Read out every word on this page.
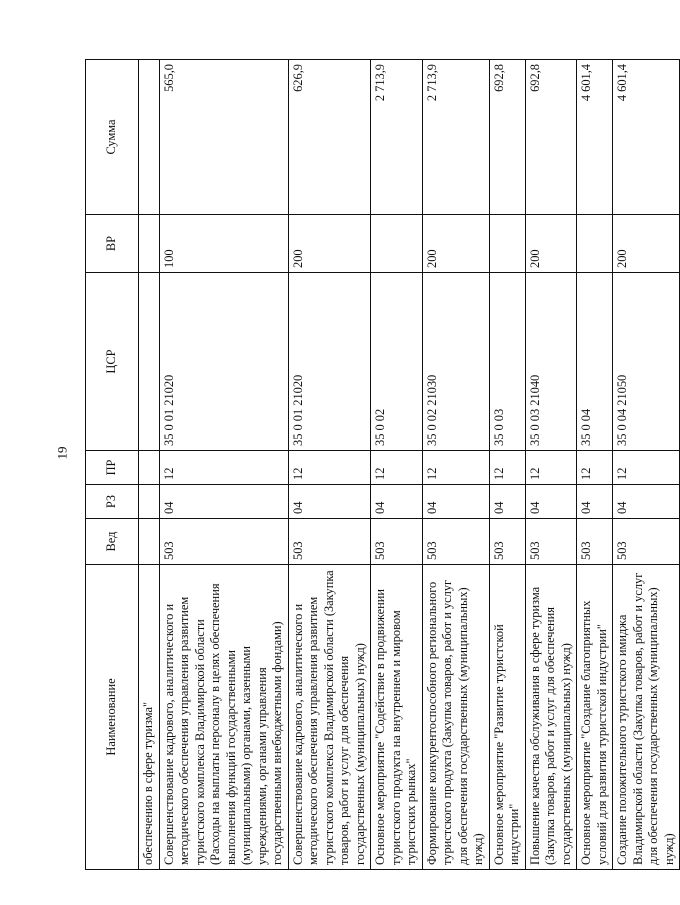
19
Наименование	Вед	РЗ	ПР	ЦСР	ВР	Сумма
обеспечению в сфере туризма"						
Совершенствование кадрового, аналитического и методического обеспечения управления развитием туристского комплекса Владимирской области (Расходы на выплаты персоналу в целях обеспечения выполнения функций государственными (муниципальными) органами, казенными учреждениями, органами управления государственными внебюджетными фондами)	503	04	12	35 0 01 21020	100	565,0
Совершенствование кадрового, аналитического и методического обеспечения управления развитием туристского комплекса Владимирской области (Закупка товаров, работ и услуг для обеспечения государственных (муниципальных) нужд)	503	04	12	35 0 01 21020	200	626,9
Основное мероприятие "Содействие в продвижении туристского продукта на внутреннем и мировом туристских рынках"	503	04	12	35 0 02		2 713,9
Формирование конкурентоспособного регионального туристского продукта (Закупка товаров, работ и услуг для обеспечения государственных (муниципальных) нужд)	503	04	12	35 0 02 21030	200	2 713,9
Основное мероприятие "Развитие туристской индустрии"	503	04	12	35 0 03		692,8
Повышение качества обслуживания в сфере туризма (Закупка товаров, работ и услуг для обеспечения государственных (муниципальных) нужд)	503	04	12	35 0 03 21040	200	692,8
Основное мероприятие "Создание благоприятных условий для развития туристской индустрии"	503	04	12	35 0 04		4 601,4
Создание положительного туристского имиджа Владимирской области (Закупка товаров, работ и услуг для обеспечения государственных (муниципальных) нужд)	503	04	12	35 0 04 21050	200	4 601,4
